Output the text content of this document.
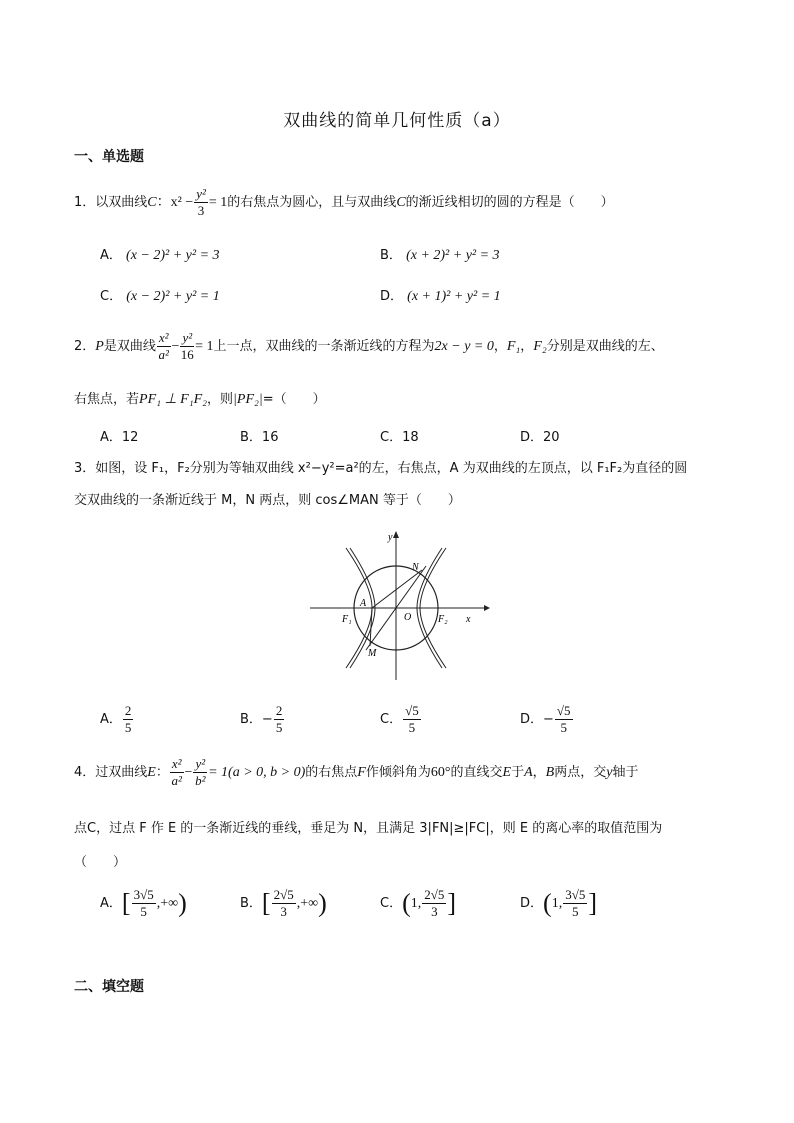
双曲线的简单几何性质（a）
一、单选题
1．以双曲线C：$x^2 - \frac{\text{y²}}{3} = 1$的右焦点为圆心，且与双曲线C的渐近线相切的圆的方程是（　　）
A． (x − 2)² + y² = 3	B． (x + 2)² + y² = 3
C． (x − 2)² + y² = 1	D． (x + 1)² + y² = 1
2．P是双曲线 $\frac{\text{x²}}{\text{a²}} - \frac{\text{y²}}{16} = 1$上一点，双曲线的一条渐近线的方程为2x − y = 0，F₁，F₂分别是双曲线的左、
右焦点，若PF₁ ⊥ F₁F₂，则|PF₂|=（　　）
A．12	B．16	C．18	D．20
3．如图，设 F₁，F₂分别为等轴双曲线 x²−y²=a²的左，右焦点，A 为双曲线的左顶点，以 F₁F₂为直径的圆
交双曲线的一条渐近线于 M，N 两点，则 cos∠MAN 等于（　　）
y
x
N
A
O
F₁	F₂
M
A． $\frac{2}{5}$	B．− $\frac{2}{5}$	C． $\frac{√5}{5}$	D．− $\frac{√5}{5}$
4．过双曲线E： $\frac{\text{x²}}{\text{a²}} - \frac{\text{y²}}{\text{b²}} = 1(a > 0$, b > 0)的右焦点F作倾斜角为60°的直线交E于A，B两点，交y轴于
点C，过点 F 作 E 的一条渐近线的垂线，垂足为 N，且满足 3|FN|≥|FC|，则 E 的离心率的取值范围为
（　　）
A．[ $\frac{3√5}{5}$ ,+∞)	B．[ $\frac{2√5}{3}$ ,+∞)	C．(1, $\frac{2√5}{3}$ ]	D．(1, $\frac{3√5}{5}$ ]
二、填空题
